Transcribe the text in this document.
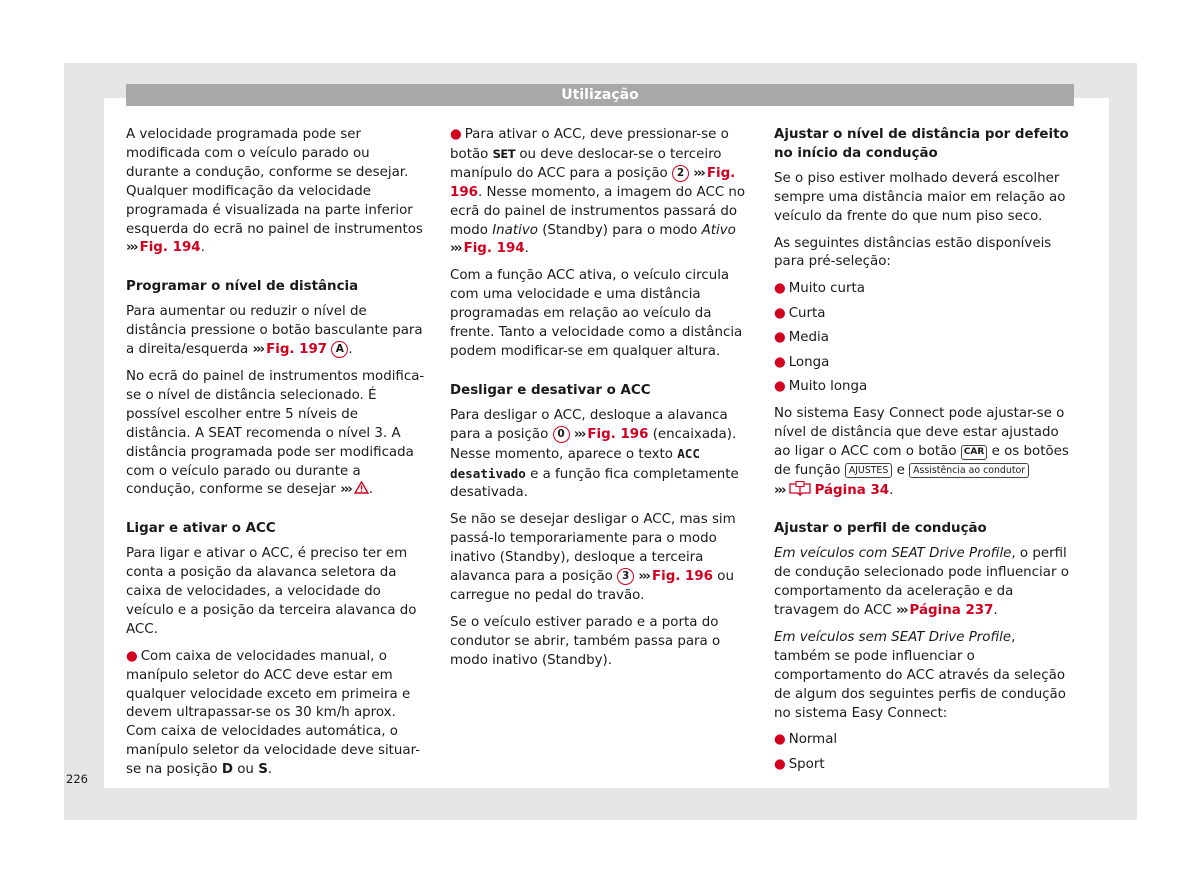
Utilização

A velocidade programada pode ser modificada com o veículo parado ou durante a condução, conforme se desejar. Qualquer modificação da velocidade programada é visualizada na parte inferior esquerda do ecrã no painel de instrumentos ››› Fig. 194.

Programar o nível de distância

Para aumentar ou reduzir o nível de distância pressione o botão basculante para a direita/esquerda ››› Fig. 197 A .

No ecrã do painel de instrumentos modifica-se o nível de distância selecionado. É possível escolher entre 5 níveis de distância. A SEAT recomenda o nível 3. A distância programada pode ser modificada com o veículo parado ou durante a condução, conforme se desejar ››› .

Ligar e ativar o ACC

Para ligar e ativar o ACC, é preciso ter em conta a posição da alavanca seletora da caixa de velocidades, a velocidade do veículo e a posição da terceira alavanca do ACC.

● Com caixa de velocidades manual, o manípulo seletor do ACC deve estar em qualquer velocidade exceto em primeira e devem ultrapassar-se os 30 km/h aprox. Com caixa de velocidades automática, o manípulo seletor da velocidade deve situar-se na posição D ou S.

● Para ativar o ACC, deve pressionar-se o botão SET ou deve deslocar-se o terceiro manípulo do ACC para a posição 2 ››› Fig. 196. Nesse momento, a imagem do ACC no ecrã do painel de instrumentos passará do modo Inativo (Standby) para o modo Ativo ››› Fig. 194.

Com a função ACC ativa, o veículo circula com uma velocidade e uma distância programadas em relação ao veículo da frente. Tanto a velocidade como a distância podem modificar-se em qualquer altura.

Desligar e desativar o ACC

Para desligar o ACC, desloque a alavanca para a posição 0 ››› Fig. 196 (encaixada). Nesse momento, aparece o texto ACC desativado e a função fica completamente desativada.

Se não se desejar desligar o ACC, mas sim passá-lo temporariamente para o modo inativo (Standby), desloque a terceira alavanca para a posição 3 ››› Fig. 196 ou carregue no pedal do travão.

Se o veículo estiver parado e a porta do condutor se abrir, também passa para o modo inativo (Standby).

Ajustar o nível de distância por defeito no início da condução

Se o piso estiver molhado deverá escolher sempre uma distância maior em relação ao veículo da frente do que num piso seco.

As seguintes distâncias estão disponíveis para pré-seleção:

● Muito curta
● Curta
● Media
● Longa
● Muito longa

No sistema Easy Connect pode ajustar-se o nível de distância que deve estar ajustado ao ligar o ACC com o botão CAR e os botões de função AJUSTES e Assistência ao condutor
››› Página 34.

Ajustar o perfil de condução

Em veículos com SEAT Drive Profile, o perfil de condução selecionado pode influenciar o comportamento da aceleração e da travagem do ACC ››› Página 237.

Em veículos sem SEAT Drive Profile, também se pode influenciar o comportamento do ACC através da seleção de algum dos seguintes perfis de condução no sistema Easy Connect:

● Normal
● Sport
226
